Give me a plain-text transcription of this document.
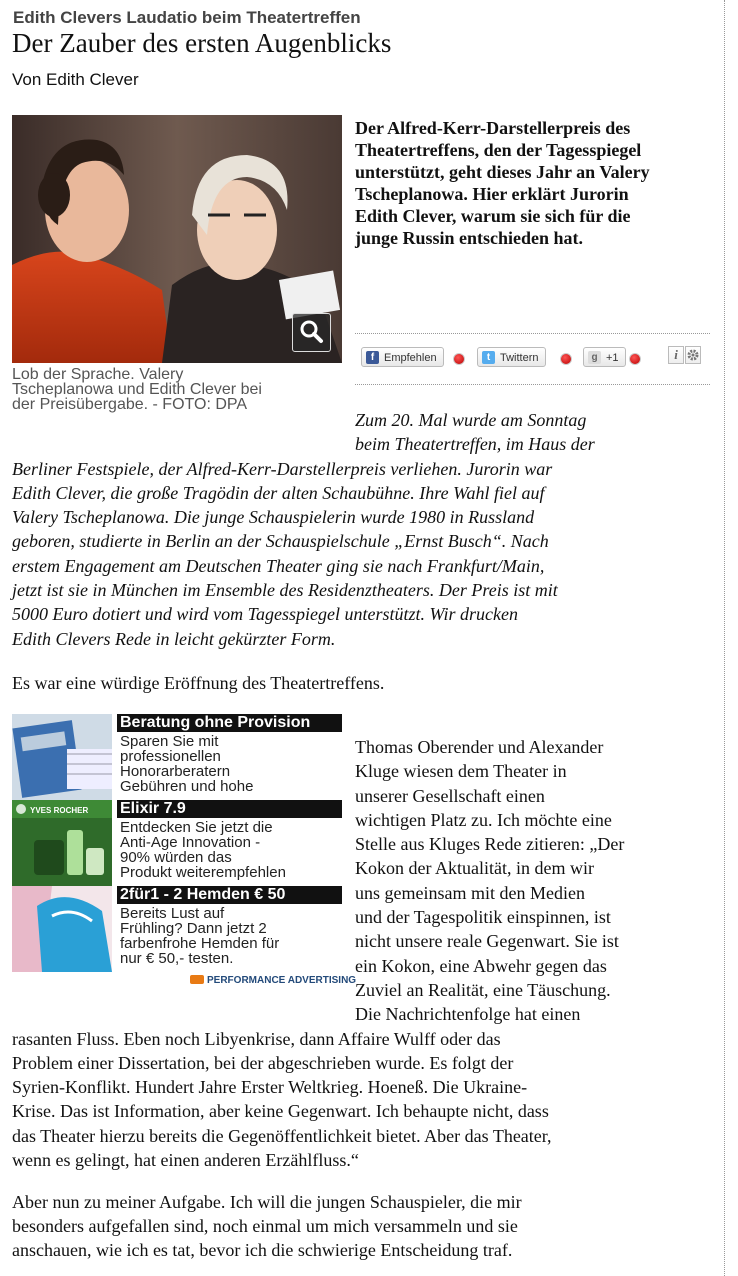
Edith Clevers Laudatio beim Theatertreffen
Der Zauber des ersten Augenblicks
Von Edith Clever
Lob der Sprache. Valery
Tscheplanowa und Edith Clever bei
der Preisübergabe. - FOTO: DPA
Der Alfred-Kerr-Darstellerpreis des Theatertreffens, den der Tagesspiegel unterstützt, geht dieses Jahr an Valery Tscheplanowa. Hier erklärt Jurorin Edith Clever, warum sie sich für die junge Russin entschieden hat.
f Empfehlen	t Twittern	g +1	i
Zum 20. Mal wurde am Sonntag
beim Theatertreffen, im Haus der
Berliner Festspiele, der Alfred-Kerr-Darstellerpreis verliehen. Jurorin war
Edith Clever, die große Tragödin der alten Schaubühne. Ihre Wahl fiel auf
Valery Tscheplanowa. Die junge Schauspielerin wurde 1980 in Russland
geboren, studierte in Berlin an der Schauspielschule „Ernst Busch“. Nach
erstem Engagement am Deutschen Theater ging sie nach Frankfurt/Main,
jetzt ist sie in München im Ensemble des Residenztheaters. Der Preis ist mit
5000 Euro dotiert und wird vom Tagesspiegel unterstützt. Wir drucken
Edith Clevers Rede in leicht gekürzter Form.
Es war eine würdige Eröffnung des Theatertreffens.
Beratung ohne Provision
Sparen Sie mit
professionellen
Honorarberatern
Gebühren und hohe
YVES ROCHER Elixir 7.9
Entdecken Sie jetzt die
Anti-Age Innovation -
90% würden das
Produkt weiterempfehlen
2für1 - 2 Hemden € 50
Bereits Lust auf
Frühling? Dann jetzt 2
farbenfrohe Hemden für
nur € 50,- testen.
PERFORMANCE ADVERTISING
Thomas Oberender und Alexander
Kluge wiesen dem Theater in
unserer Gesellschaft einen
wichtigen Platz zu. Ich möchte eine
Stelle aus Kluges Rede zitieren: „Der
Kokon der Aktualität, in dem wir
uns gemeinsam mit den Medien
und der Tagespolitik einspinnen, ist
nicht unsere reale Gegenwart. Sie ist
ein Kokon, eine Abwehr gegen das
Zuviel an Realität, eine Täuschung.
Die Nachrichtenfolge hat einen
rasanten Fluss. Eben noch Libyenkrise, dann Affaire Wulff oder das
Problem einer Dissertation, bei der abgeschrieben wurde. Es folgt der
Syrien-Konflikt. Hundert Jahre Erster Weltkrieg. Hoeneß. Die Ukraine-
Krise. Das ist Information, aber keine Gegenwart. Ich behaupte nicht, dass
das Theater hierzu bereits die Gegenöffentlichkeit bietet. Aber das Theater,
wenn es gelingt, hat einen anderen Erzählfluss.“
Aber nun zu meiner Aufgabe. Ich will die jungen Schauspieler, die mir
besonders aufgefallen sind, noch einmal um mich versammeln und sie
anschauen, wie ich es tat, bevor ich die schwierige Entscheidung traf.
